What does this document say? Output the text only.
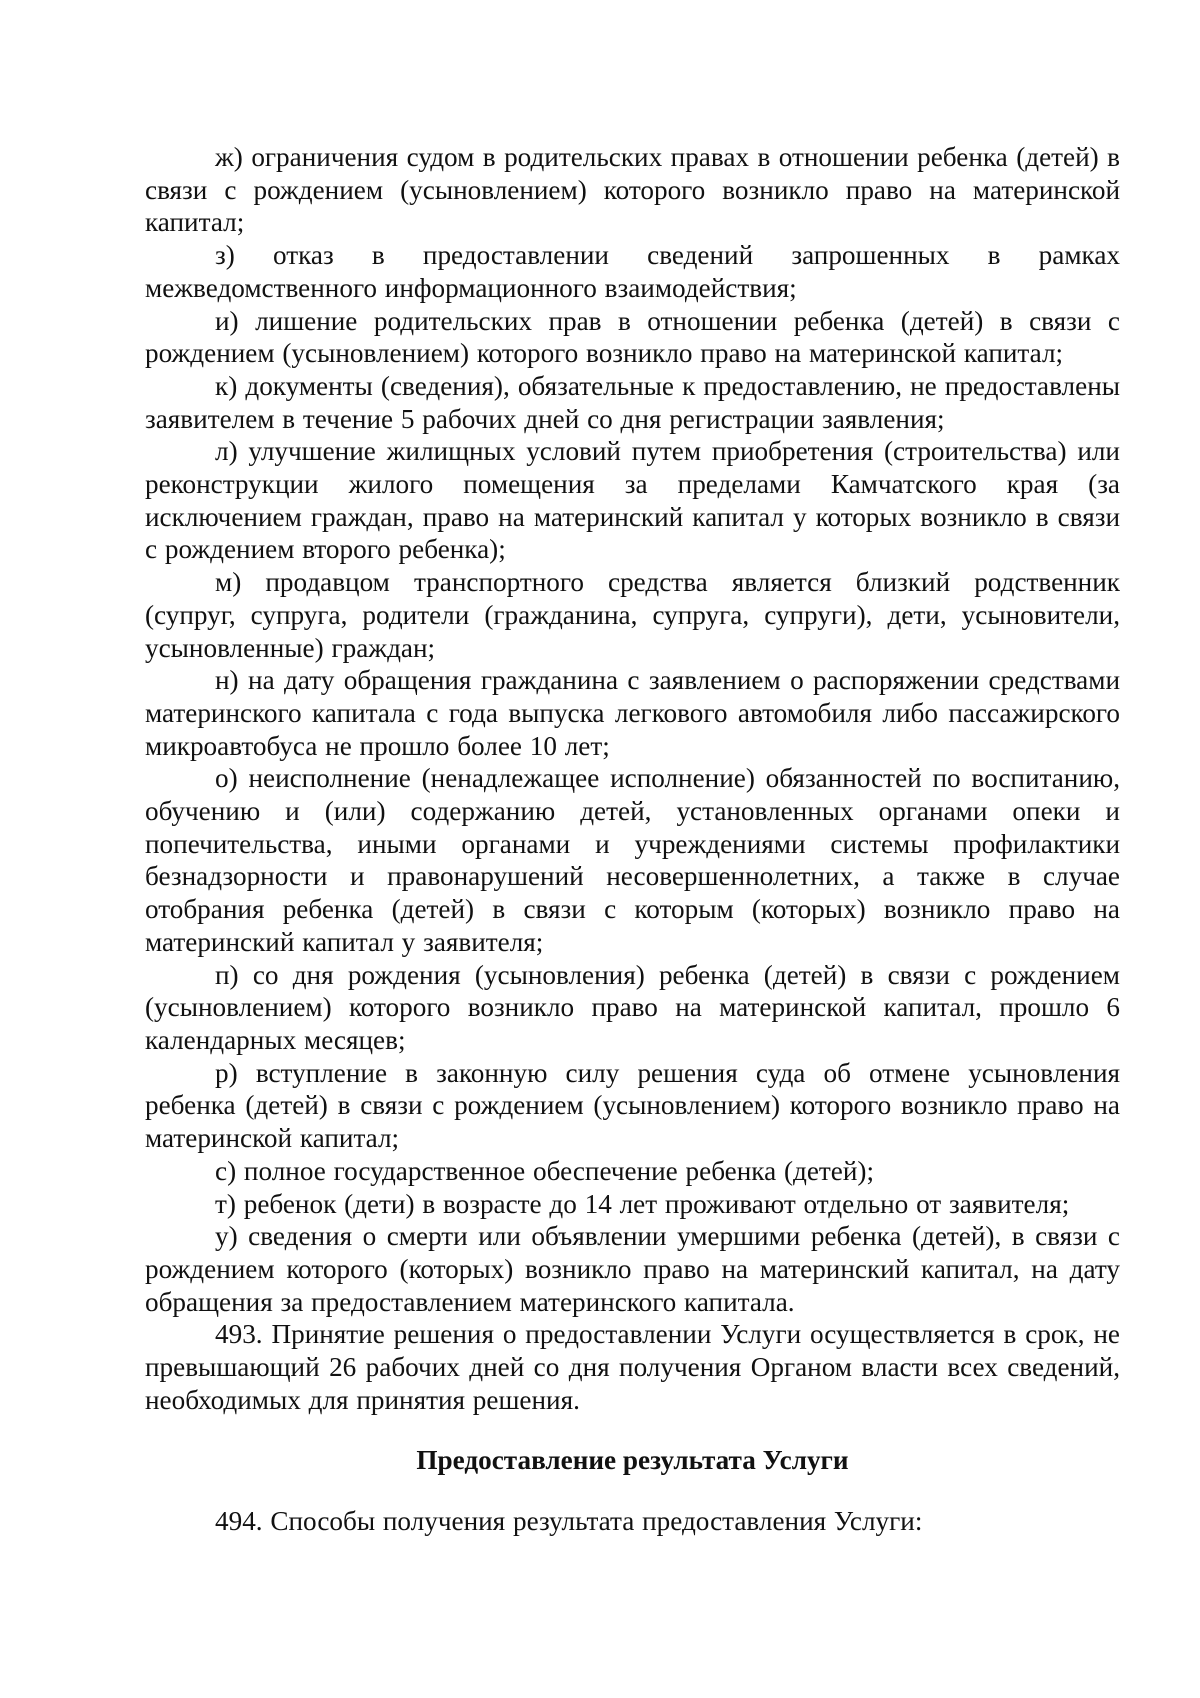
ж) ограничения судом в родительских правах в отношении ребенка (детей) в связи с рождением (усыновлением) которого возникло право на материнской капитал;

з) отказ в предоставлении сведений запрошенных в рамках межведомственного информационного взаимодействия;

и) лишение родительских прав в отношении ребенка (детей) в связи с рождением (усыновлением) которого возникло право на материнской капитал;

к) документы (сведения), обязательные к предоставлению, не предоставлены заявителем в течение 5 рабочих дней со дня регистрации заявления;

л) улучшение жилищных условий путем приобретения (строительства) или реконструкции жилого помещения за пределами Камчатского края (за исключением граждан, право на материнский капитал у которых возникло в связи с рождением второго ребенка);

м) продавцом транспортного средства является близкий родственник (супруг, супруга, родители (гражданина, супруга, супруги), дети, усыновители, усыновленные) граждан;

н) на дату обращения гражданина с заявлением о распоряжении средствами материнского капитала с года выпуска легкового автомобиля либо пассажирского микроавтобуса не прошло более 10 лет;

о) неисполнение (ненадлежащее исполнение) обязанностей по воспитанию, обучению и (или) содержанию детей, установленных органами опеки и попечительства, иными органами и учреждениями системы профилактики безнадзорности и правонарушений несовершеннолетних, а также в случае отобрания ребенка (детей) в связи с которым (которых) возникло право на материнский капитал у заявителя;

п) со дня рождения (усыновления) ребенка (детей) в связи с рождением (усыновлением) которого возникло право на материнской капитал, прошло 6 календарных месяцев;

р) вступление в законную силу решения суда об отмене усыновления ребенка (детей) в связи с рождением (усыновлением) которого возникло право на материнской капитал;

с) полное государственное обеспечение ребенка (детей);

т) ребенок (дети) в возрасте до 14 лет проживают отдельно от заявителя;

у) сведения о смерти или объявлении умершими ребенка (детей), в связи с рождением которого (которых) возникло право на материнский капитал, на дату обращения за предоставлением материнского капитала.

493. Принятие решения о предоставлении Услуги осуществляется в срок, не превышающий 26 рабочих дней со дня получения Органом власти всех сведений, необходимых для принятия решения.

Предоставление результата Услуги

494. Способы получения результата предоставления Услуги:
